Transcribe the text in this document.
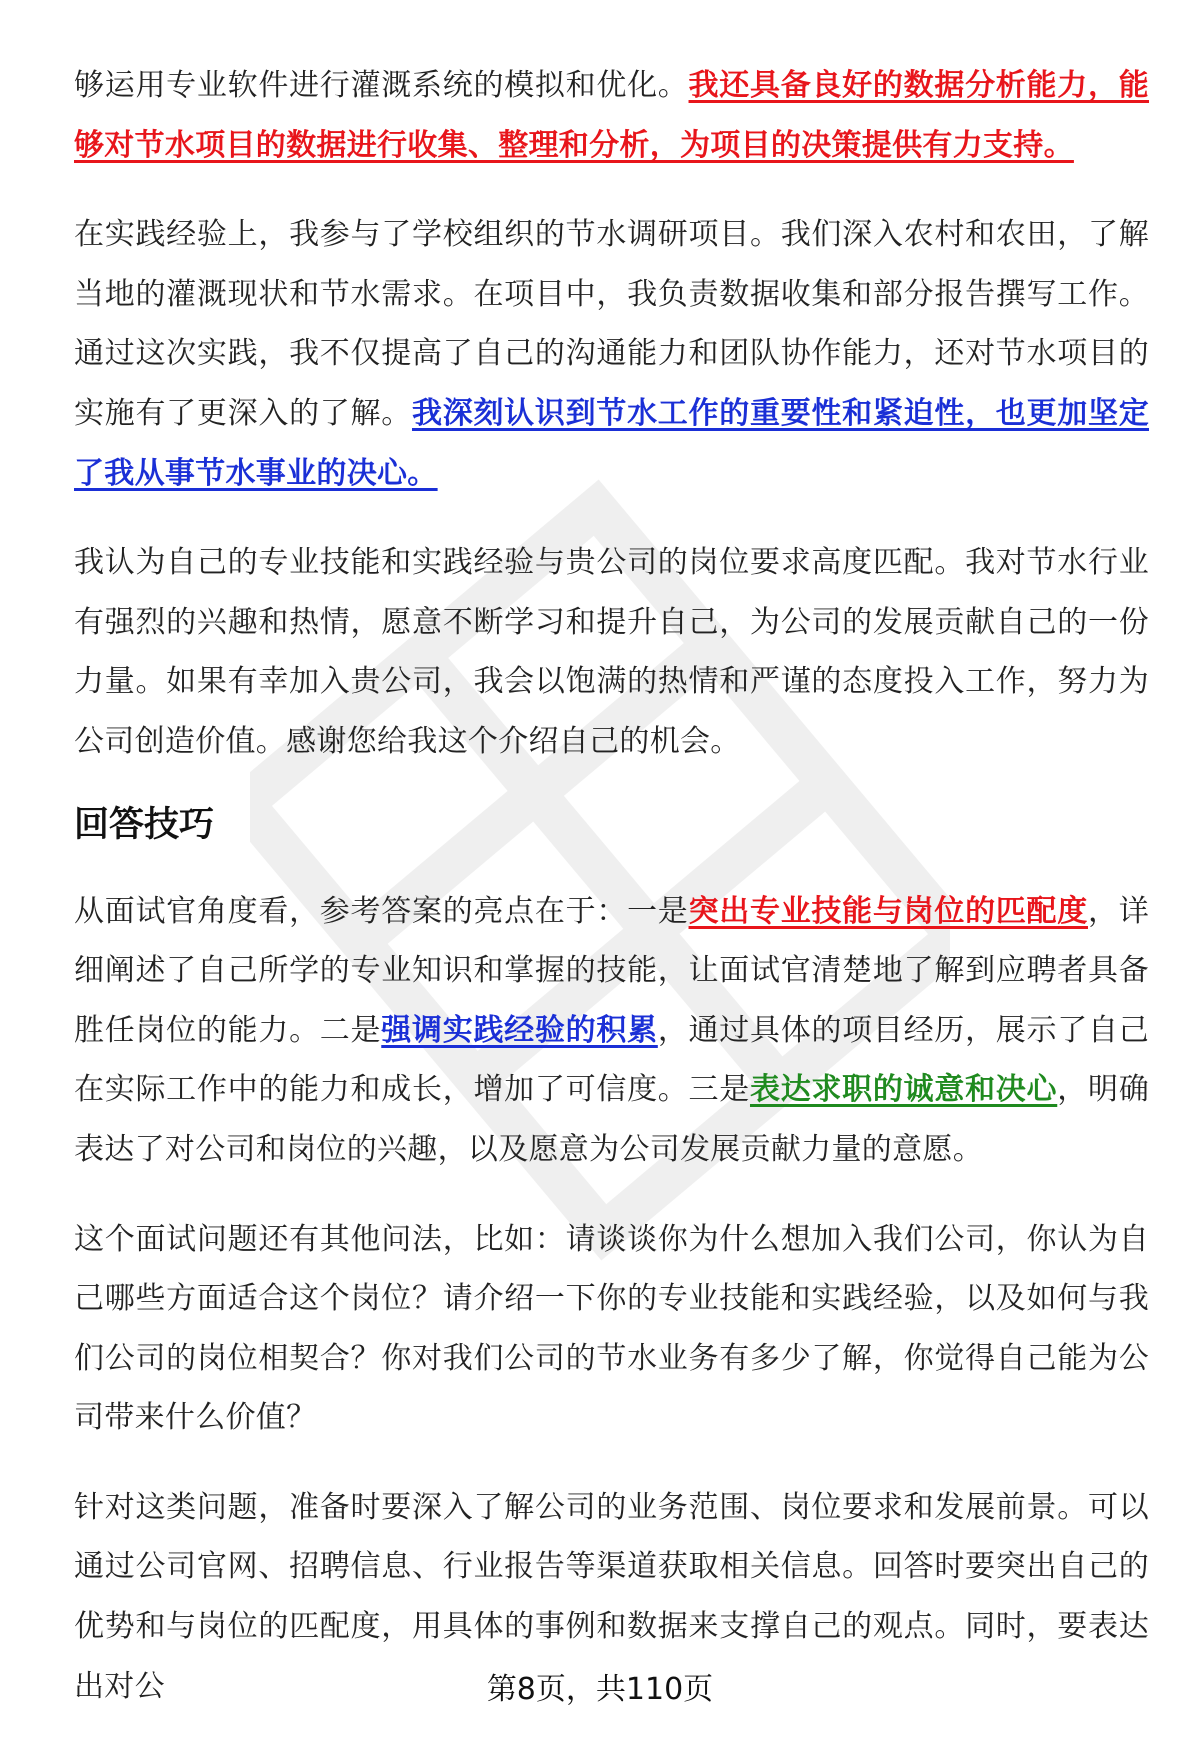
够运用专业软件进行灌溉系统的模拟和优化。我还具备良好的数据分析能力，能够对节水项目的数据进行收集、整理和分析，为项目的决策提供有力支持。

在实践经验上，我参与了学校组织的节水调研项目。我们深入农村和农田，了解当地的灌溉现状和节水需求。在项目中，我负责数据收集和部分报告撰写工作。通过这次实践，我不仅提高了自己的沟通能力和团队协作能力，还对节水项目的实施有了更深入的了解。我深刻认识到节水工作的重要性和紧迫性，也更加坚定了我从事节水事业的决心。

我认为自己的专业技能和实践经验与贵公司的岗位要求高度匹配。我对节水行业有强烈的兴趣和热情，愿意不断学习和提升自己，为公司的发展贡献自己的一份力量。如果有幸加入贵公司，我会以饱满的热情和严谨的态度投入工作，努力为公司创造价值。感谢您给我这个介绍自己的机会。

回答技巧

从面试官角度看，参考答案的亮点在于：一是突出专业技能与岗位的匹配度，详细阐述了自己所学的专业知识和掌握的技能，让面试官清楚地了解到应聘者具备胜任岗位的能力。二是强调实践经验的积累，通过具体的项目经历，展示了自己在实际工作中的能力和成长，增加了可信度。三是表达求职的诚意和决心，明确表达了对公司和岗位的兴趣，以及愿意为公司发展贡献力量的意愿。

这个面试问题还有其他问法，比如：请谈谈你为什么想加入我们公司，你认为自己哪些方面适合这个岗位？请介绍一下你的专业技能和实践经验，以及如何与我们公司的岗位相契合？你对我们公司的节水业务有多少了解，你觉得自己能为公司带来什么价值？

针对这类问题，准备时要深入了解公司的业务范围、岗位要求和发展前景。可以通过公司官网、招聘信息、行业报告等渠道获取相关信息。回答时要突出自己的优势和与岗位的匹配度，用具体的事例和数据来支撑自己的观点。同时，要表达出对公	第8页，共110页
